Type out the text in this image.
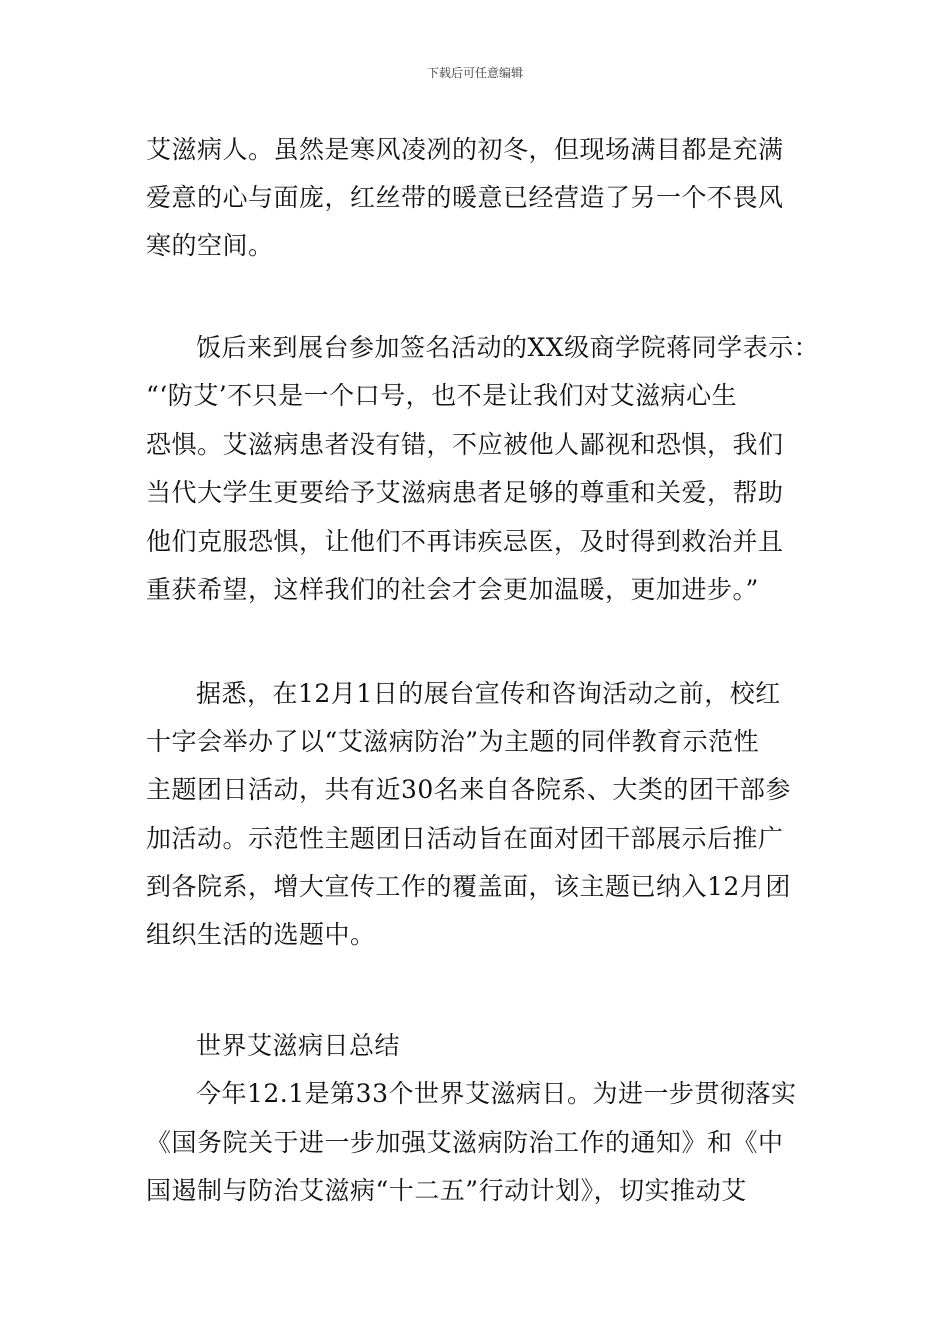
下载后可任意编辑
艾滋病人。虽然是寒风凌冽的初冬，但现场满目都是充满
爱意的心与面庞，红丝带的暖意已经营造了另一个不畏风
寒的空间。
饭后来到展台参加签名活动的XX级商学院蒋同学表示：
“‘防艾’不只是一个口号，也不是让我们对艾滋病心生
恐惧。艾滋病患者没有错，不应被他人鄙视和恐惧，我们
当代大学生更要给予艾滋病患者足够的尊重和关爱，帮助
他们克服恐惧，让他们不再讳疾忌医，及时得到救治并且
重获希望，这样我们的社会才会更加温暖，更加进步。”
据悉，在12月1日的展台宣传和咨询活动之前，校红
十字会举办了以“艾滋病防治”为主题的同伴教育示范性
主题团日活动，共有近30名来自各院系、大类的团干部参
加活动。示范性主题团日活动旨在面对团干部展示后推广
到各院系，增大宣传工作的覆盖面，该主题已纳入12月团
组织生活的选题中。
世界艾滋病日总结
今年12.1是第33个世界艾滋病日。为进一步贯彻落实
《国务院关于进一步加强艾滋病防治工作的通知》和《中
国遏制与防治艾滋病“十二五”行动计划》，切实推动艾
